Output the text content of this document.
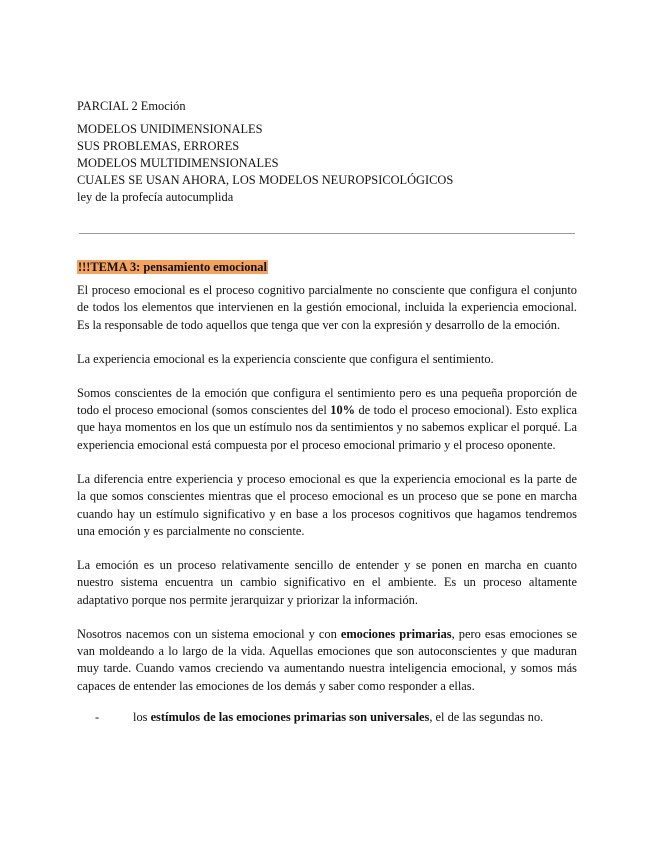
PARCIAL 2 Emoción
MODELOS UNIDIMENSIONALES
SUS PROBLEMAS, ERRORES
MODELOS MULTIDIMENSIONALES
CUALES SE USAN AHORA, LOS MODELOS NEUROPSICOLÓGICOS
ley de la profecía autocumplida
!!!TEMA 3: pensamiento emocional

El proceso emocional es el proceso cognitivo parcialmente no consciente que configura el conjunto de todos los elementos que intervienen en la gestión emocional, incluida la experiencia emocional. Es la responsable de todo aquellos que tenga que ver con la expresión y desarrollo de la emoción.

La experiencia emocional es la experiencia consciente que configura el sentimiento.

Somos conscientes de la emoción que configura el sentimiento pero es una pequeña proporción de todo el proceso emocional (somos conscientes del 10% de todo el proceso emocional). Esto explica que haya momentos en los que un estímulo nos da sentimientos y no sabemos explicar el porqué. La experiencia emocional está compuesta por el proceso emocional primario y el proceso oponente.

La diferencia entre experiencia y proceso emocional es que la experiencia emocional es la parte de la que somos conscientes mientras que el proceso emocional es un proceso que se pone en marcha cuando hay un estímulo significativo y en base a los procesos cognitivos que hagamos tendremos una emoción y es parcialmente no consciente.

La emoción es un proceso relativamente sencillo de entender y se ponen en marcha en cuanto nuestro sistema encuentra un cambio significativo en el ambiente. Es un proceso altamente adaptativo porque nos permite jerarquizar y priorizar la información.

Nosotros nacemos con un sistema emocional y con emociones primarias, pero esas emociones se van moldeando a lo largo de la vida. Aquellas emociones que son autoconscientes y que maduran muy tarde. Cuando vamos creciendo va aumentando nuestra inteligencia emocional, y somos más capaces de entender las emociones de los demás y saber como responder a ellas.

-	los estímulos de las emociones primarias son universales, el de las segundas no.
